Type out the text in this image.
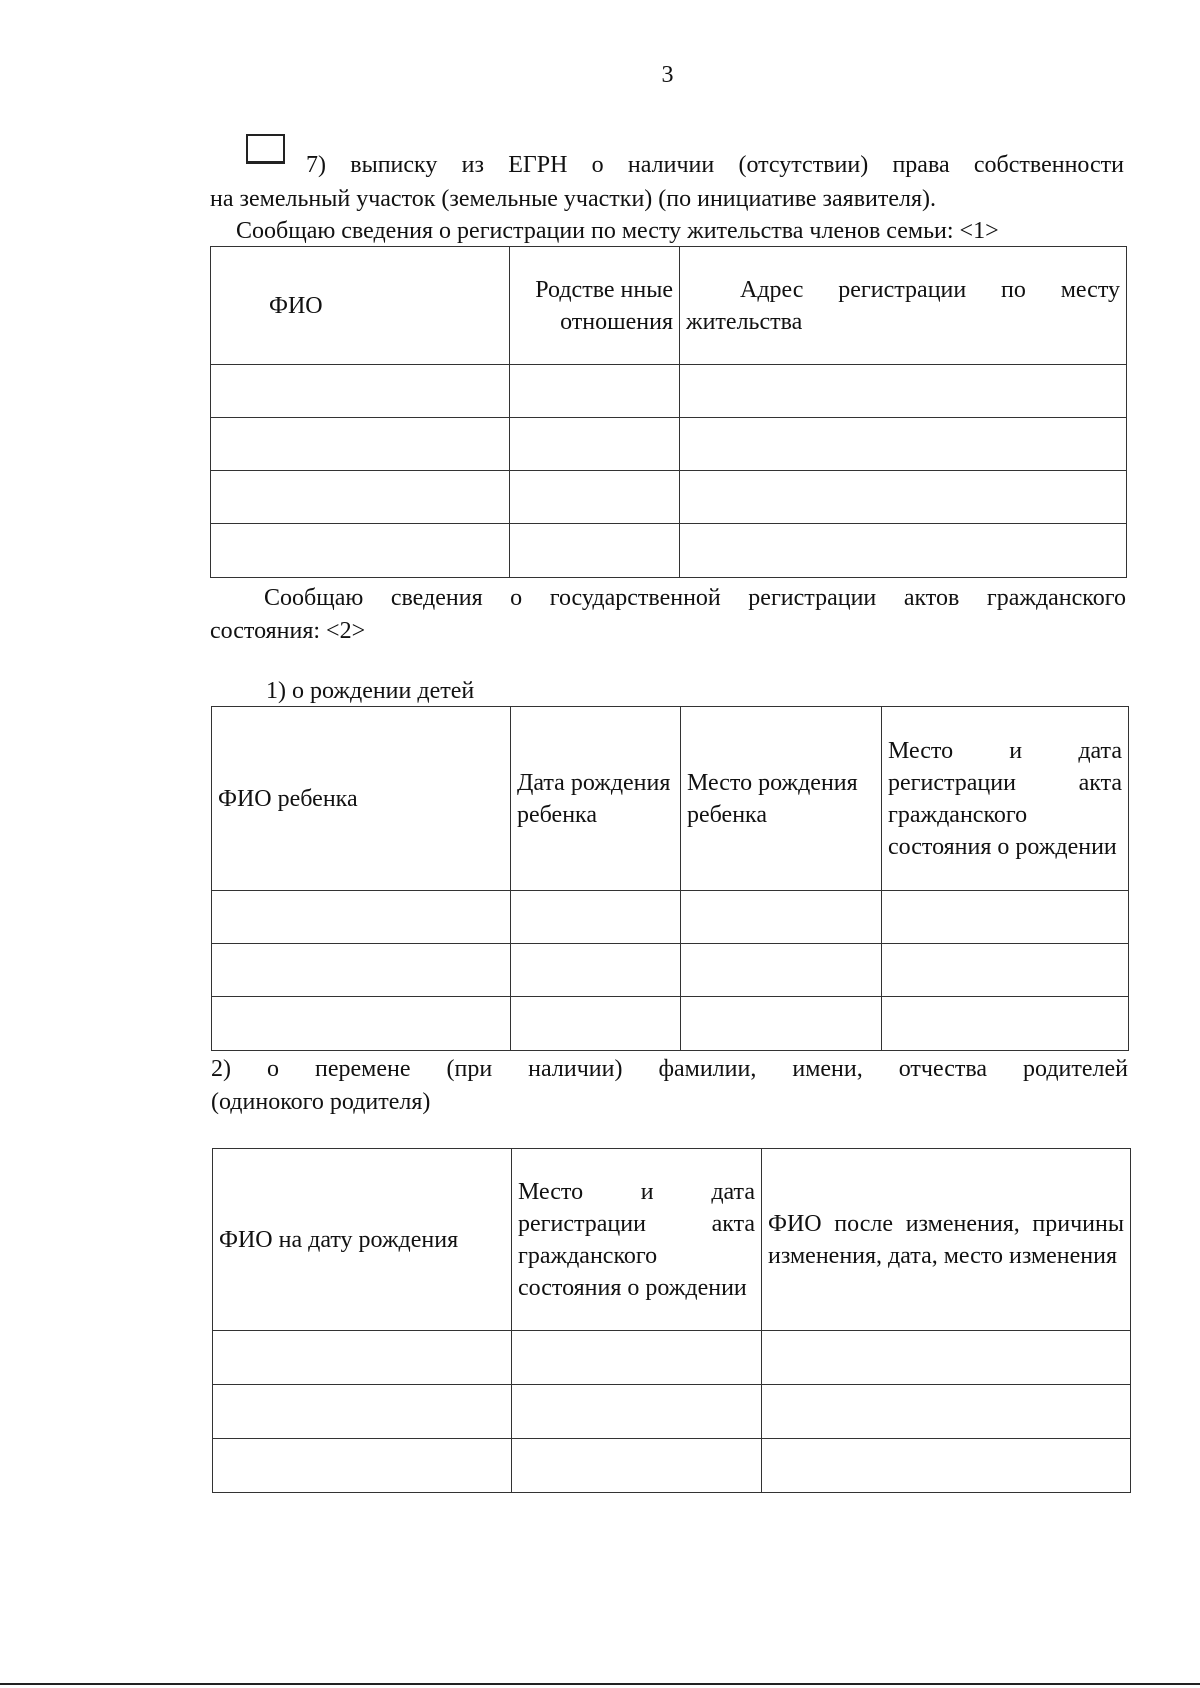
3
7) выписку из ЕГРН о наличии (отсутствии) права собственности
на земельный участок (земельные участки) (по инициативе заявителя).
Сообщаю сведения о регистрации по месту жительства членов семьи: <1>
ФИО	Родстве нные отношения	Адрес регистрации по месту жительства

Сообщаю сведения о государственной регистрации актов гражданского
состояния: <2>
1) о рождении детей
ФИО ребенка	Дата рождения ребенка	Место рождения ребенка	Место и дата регистрации акта гражданского состояния о рождении

2) о перемене (при наличии) фамилии, имени, отчества родителей
(одинокого родителя)
ФИО на дату рождения	Место и дата регистрации акта гражданского состояния о рождении	ФИО после изменения, причины изменения, дата, место изменения
